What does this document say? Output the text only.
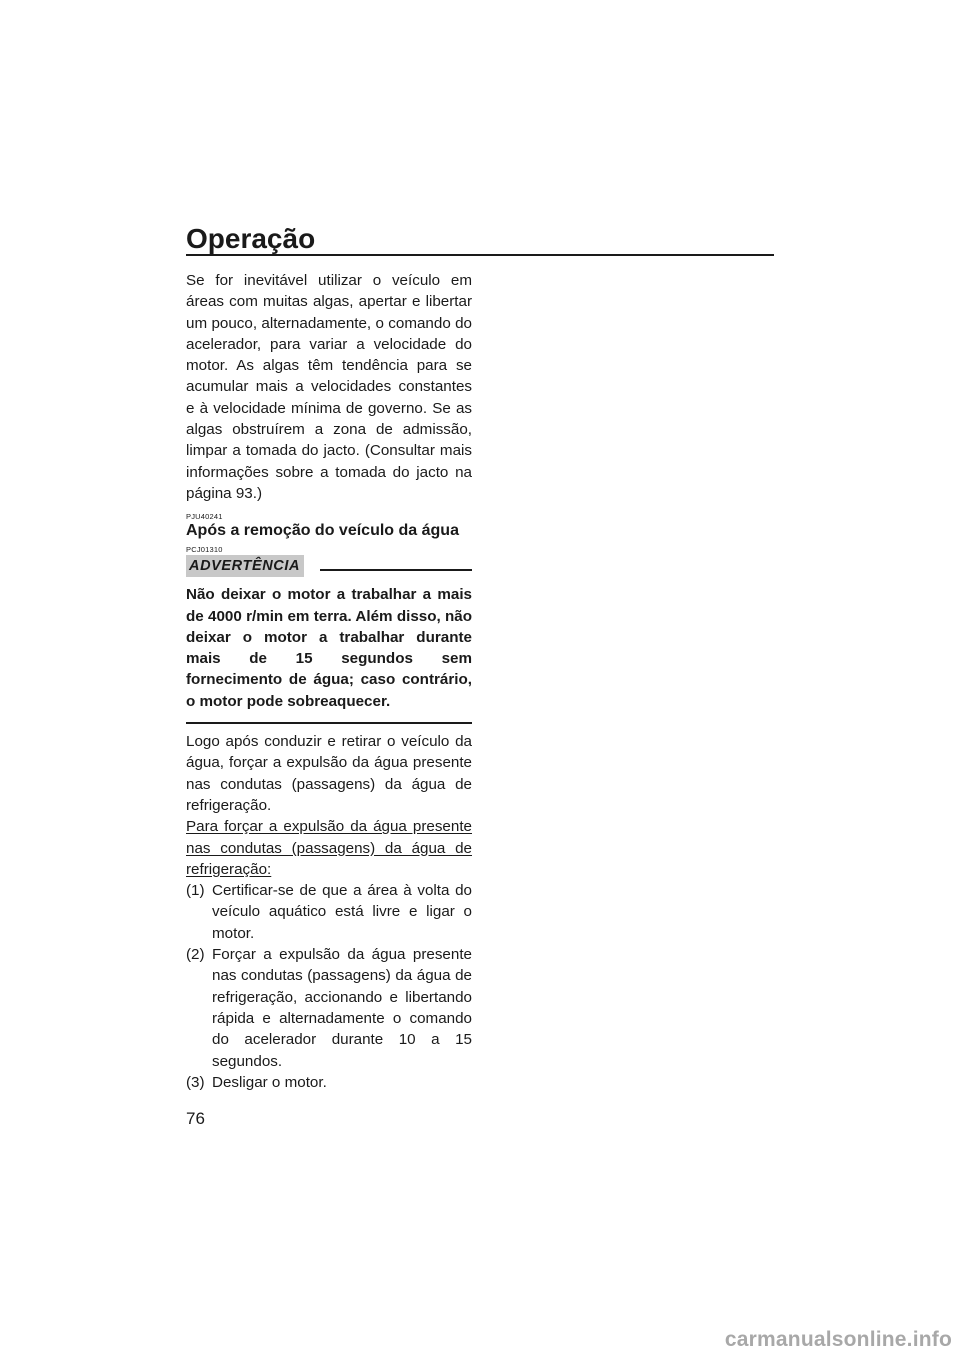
Operação

Se for inevitável utilizar o veículo em áreas com muitas algas, apertar e libertar um pouco, alternadamente, o comando do acelerador, para variar a velocidade do motor. As algas têm tendência para se acumular mais a velocidades constantes e à velocidade mínima de governo. Se as algas obstruírem a zona de admissão, limpar a tomada do jacto. (Consultar mais informações sobre a tomada do jacto na página 93.)

PJU40241

Após a remoção do veículo da água

PCJ01310

ADVERTÊNCIA

Não deixar o motor a trabalhar a mais de 4000 r/min em terra. Além disso, não deixar o motor a trabalhar durante mais de 15 segundos sem fornecimento de água; caso contrário, o motor pode sobreaquecer.

Logo após conduzir e retirar o veículo da água, forçar a expulsão da água presente nas condutas (passagens) da água de refrigeração.

Para forçar a expulsão da água presente nas condutas (passagens) da água de refrigeração:

(1) Certificar-se de que a área à volta do veículo aquático está livre e ligar o motor.
(2) Forçar a expulsão da água presente nas condutas (passagens) da água de refrigeração, accionando e libertando rápida e alternadamente o comando do acelerador durante 10 a 15 segundos.
(3) Desligar o motor.
76
carmanualsonline.info
